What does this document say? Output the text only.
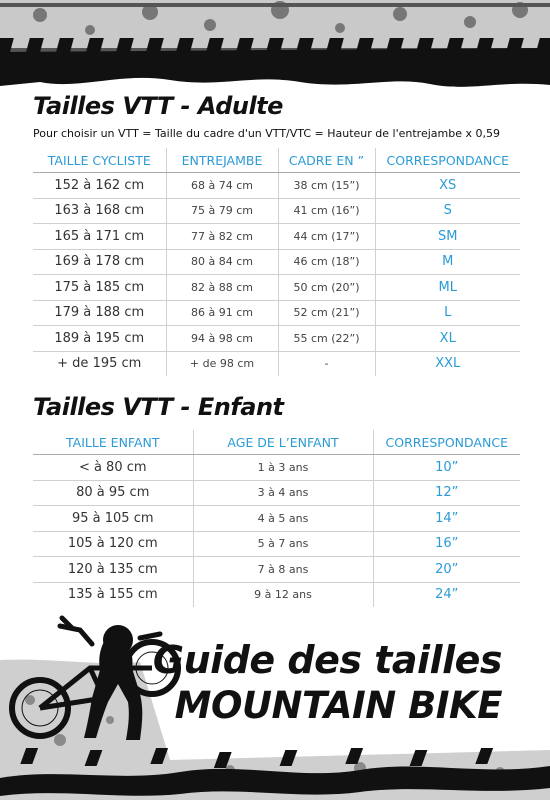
Tailles VTT - Adulte

Pour choisir un VTT = Taille du cadre d'un VTT/VTC = Hauteur de l'entrejambe x 0,59

TAILLE CYCLISTE	ENTREJAMBE	CADRE EN ”	CORRESPONDANCE
152 à 162 cm	68 à 74 cm	38 cm (15”)	XS
163 à 168 cm	75 à 79 cm	41 cm (16”)	S
165 à 171 cm	77 à 82 cm	44 cm (17”)	SM
169 à 178 cm	80 à 84 cm	46 cm (18”)	M
175 à 185 cm	82 à 88 cm	50 cm (20”)	ML
179 à 188 cm	86 à 91 cm	52 cm (21”)	L
189 à 195 cm	94 à 98 cm	55 cm (22”)	XL
+ de 195 cm	+ de 98 cm	-	XXL
Tailles VTT - Enfant
TAILLE ENFANT	AGE DE L’ENFANT	CORRESPONDANCE
< à 80 cm	1 à 3 ans	10”
80 à 95 cm	3 à 4 ans	12”
95 à 105 cm	4 à 5 ans	14”
105 à 120 cm	5 à 7 ans	16”
120 à 135 cm	7 à 8 ans	20”
135 à 155 cm	9 à 12 ans	24”

Guide des tailles

MOUNTAIN BIKE
